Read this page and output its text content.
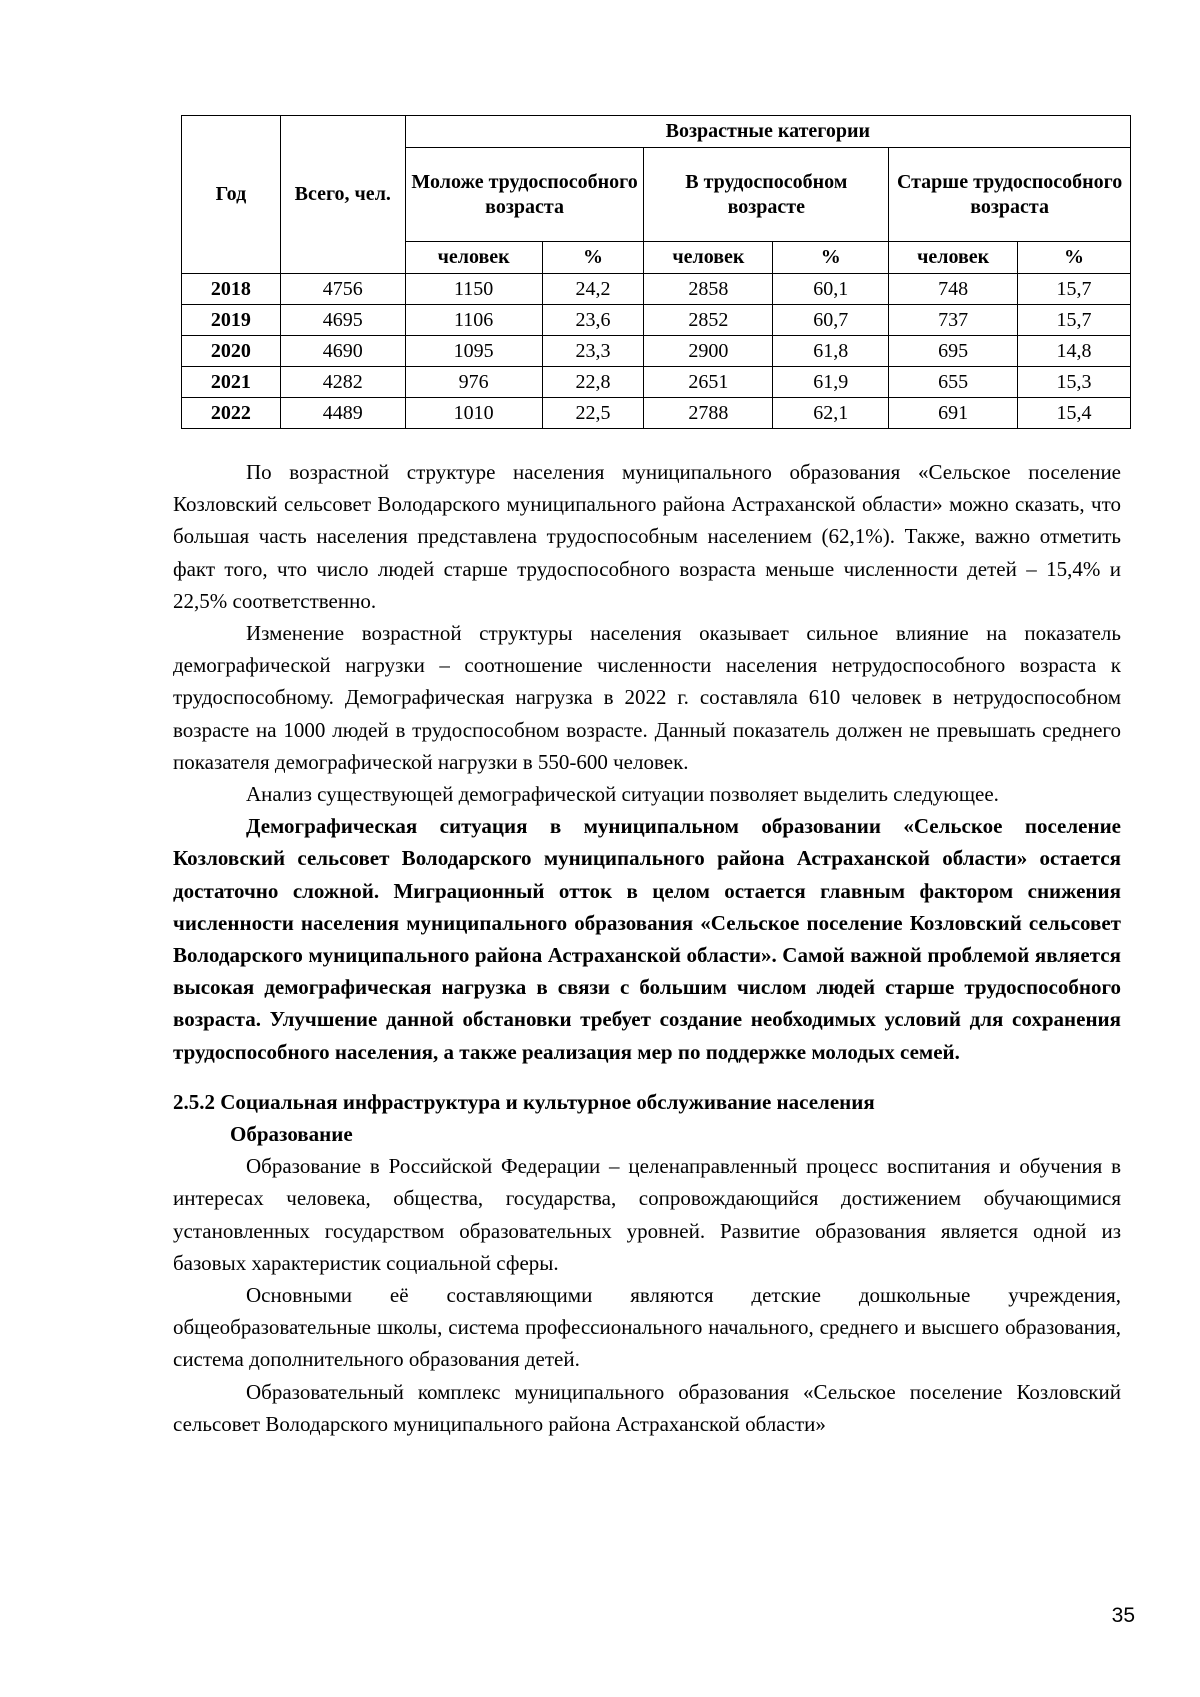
Год	Всего, чел.	Возрастные категории					
		Моложе трудоспособного возраста		В трудоспособном возрасте		Старше трудоспособного возраста	
		человек	%	человек	%	человек	%
2018	4756	1150	24,2	2858	60,1	748	15,7
2019	4695	1106	23,6	2852	60,7	737	15,7
2020	4690	1095	23,3	2900	61,8	695	14,8
2021	4282	976	22,8	2651	61,9	655	15,3
2022	4489	1010	22,5	2788	62,1	691	15,4

По возрастной структуре населения муниципального образования «Сельское поселение Козловский сельсовет Володарского муниципального района Астраханской области» можно сказать, что большая часть населения представлена трудоспособным населением (62,1%). Также, важно отметить факт того, что число людей старше трудоспособного возраста меньше численности детей – 15,4% и 22,5% соответственно.

Изменение возрастной структуры населения оказывает сильное влияние на показатель демографической нагрузки – соотношение численности населения нетрудоспособного возраста к трудоспособному. Демографическая нагрузка в 2022 г. составляла 610 человек в нетрудоспособном возрасте на 1000 людей в трудоспособном возрасте. Данный показатель должен не превышать среднего показателя демографической нагрузки в 550-600 человек.

Анализ существующей демографической ситуации позволяет выделить следующее.

Демографическая ситуация в муниципальном образовании «Сельское поселение Козловский сельсовет Володарского муниципального района Астраханской области» остается достаточно сложной. Миграционный отток в целом остается главным фактором снижения численности населения муниципального образования «Сельское поселение Козловский сельсовет Володарского муниципального района Астраханской области». Самой важной проблемой является высокая демографическая нагрузка в связи с большим числом людей старше трудоспособного возраста. Улучшение данной обстановки требует создание необходимых условий для сохранения трудоспособного населения, а также реализация мер по поддержке молодых семей.

2.5.2 Социальная инфраструктура и культурное обслуживание населения
Образование

Образование в Российской Федерации – целенаправленный процесс воспитания и обучения в интересах человека, общества, государства, сопровождающийся достижением обучающимися установленных государством образовательных уровней. Развитие образования является одной из базовых характеристик социальной сферы.

Основными её составляющими являются детские дошкольные учреждения, общеобразовательные школы, система профессионального начального, среднего и высшего образования, система дополнительного образования детей.

Образовательный комплекс муниципального образования «Сельское поселение Козловский сельсовет Володарского муниципального района Астраханской области»

35
